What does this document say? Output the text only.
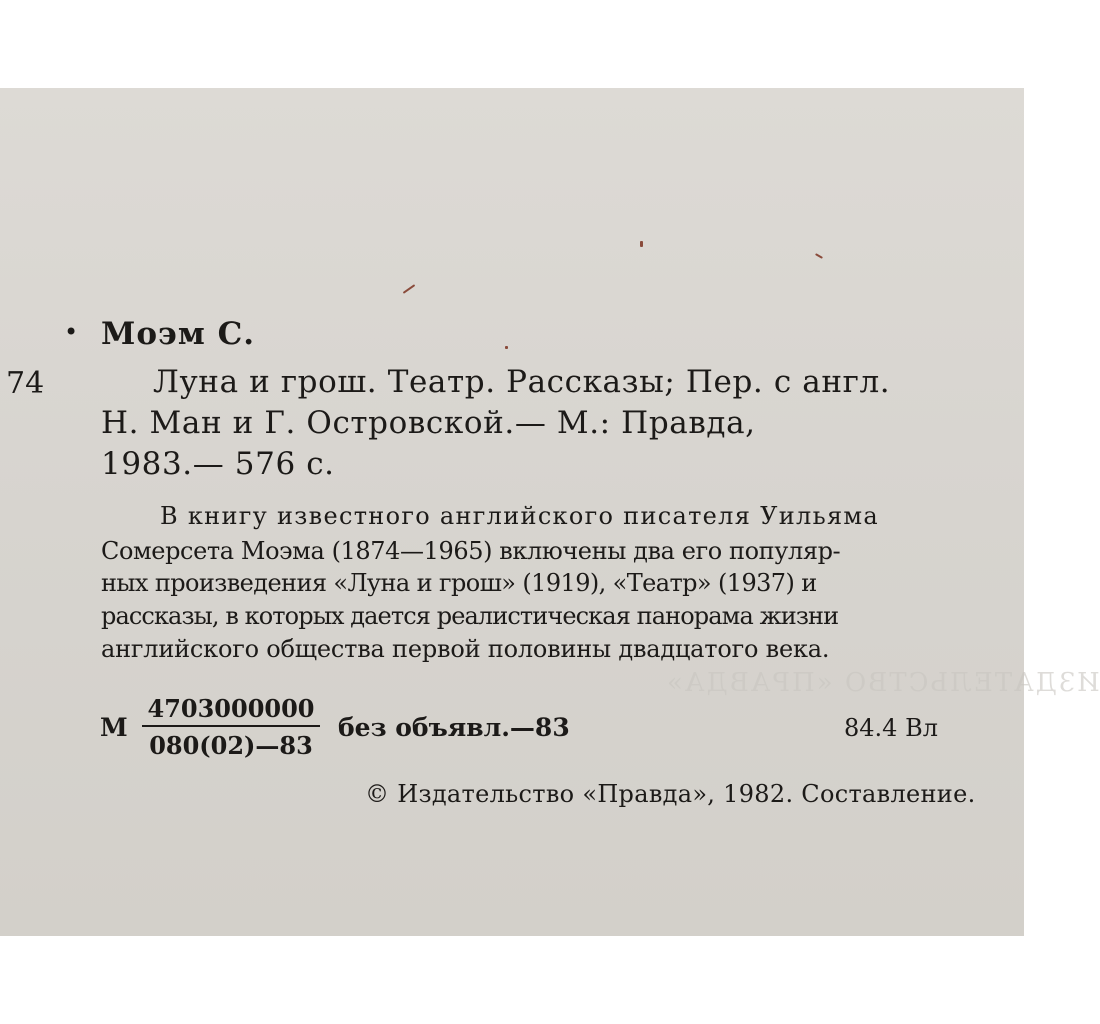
ИЗДАТЕЛЬСТВО «ПРАВДА»
• Моэм С.
74	Луна и грош. Театр. Рассказы; Пер. с англ.
Н. Ман и Г. Островской.— М.: Правда,
1983.— 576 с.
В книгу известного английского писателя Уильяма
Сомерсета Моэма (1874—1965) включены два его популяр-
ных произведения «Луна и грош» (1919), «Театр» (1937) и
рассказы, в которых дается реалистическая панорама жизни
английского общества первой половины двадцатого века.
М $\frac{4703000000}{080(02)—83}$ без объявл.—83	84.4 Вл
© Издательство «Правда», 1982. Составление.
